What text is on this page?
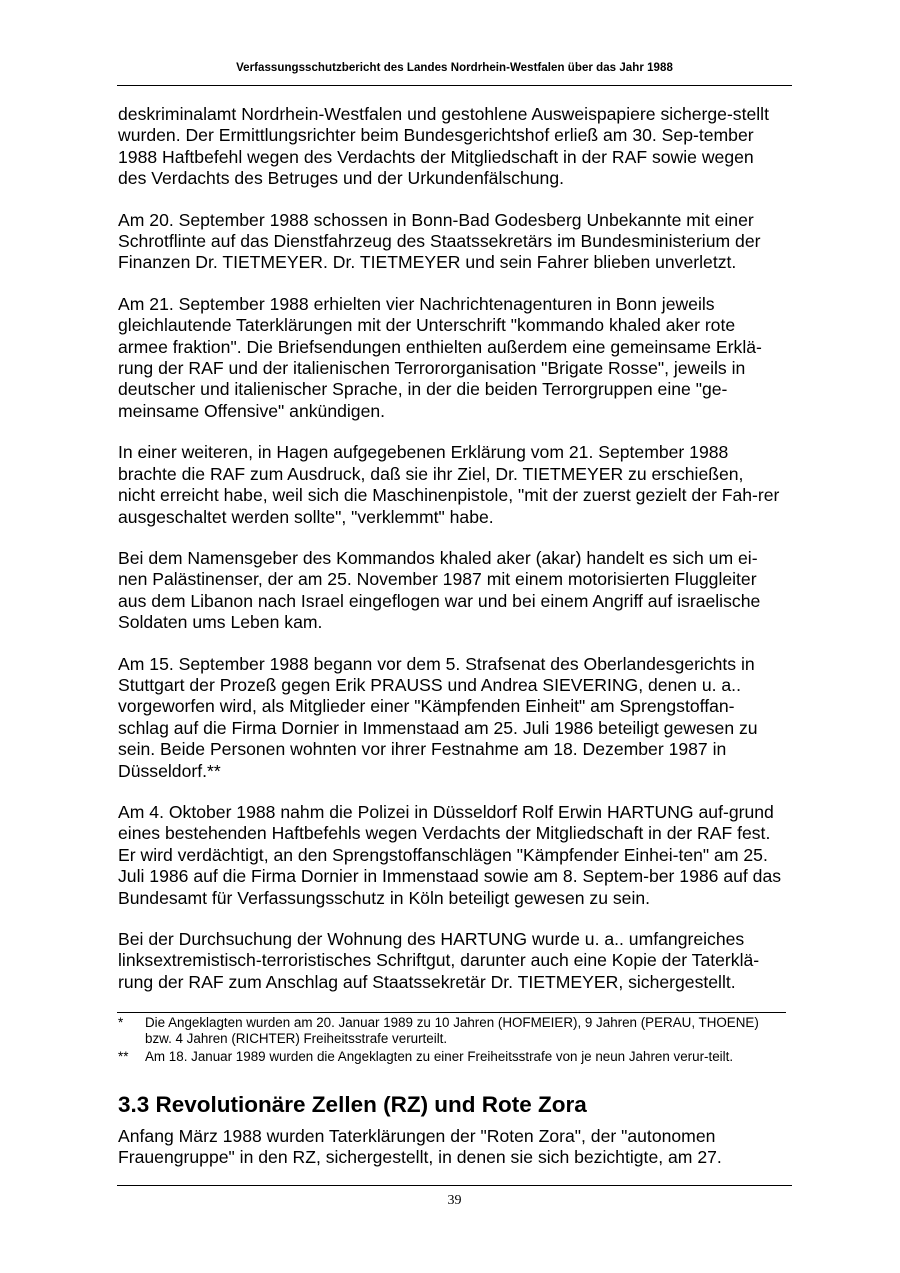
Verfassungsschutzbericht des Landes Nordrhein-Westfalen über das Jahr 1988

deskriminalamt Nordrhein-Westfalen und gestohlene Ausweispapiere sicherge-stellt wurden. Der Ermittlungsrichter beim Bundesgerichtshof erließ am 30. Sep-tember 1988 Haftbefehl wegen des Verdachts der Mitgliedschaft in der RAF sowie wegen des Verdachts des Betruges und der Urkundenfälschung.

Am 20. September 1988 schossen in Bonn-Bad Godesberg Unbekannte mit einer Schrotflinte auf das Dienstfahrzeug des Staatssekretärs im Bundesministerium der Finanzen Dr. TIETMEYER. Dr. TIETMEYER und sein Fahrer blieben unverletzt.

Am 21. September 1988 erhielten vier Nachrichtenagenturen in Bonn jeweils gleichlautende Taterklärungen mit der Unterschrift "kommando khaled aker rote armee fraktion". Die Briefsendungen enthielten außerdem eine gemeinsame Erklä-rung der RAF und der italienischen Terrororganisation "Brigate Rosse", jeweils in deutscher und italienischer Sprache, in der die beiden Terrorgruppen eine "ge-meinsame Offensive" ankündigen.

In einer weiteren, in Hagen aufgegebenen Erklärung vom 21. September 1988 brachte die RAF zum Ausdruck, daß sie ihr Ziel, Dr. TIETMEYER zu erschießen, nicht erreicht habe, weil sich die Maschinenpistole, "mit der zuerst gezielt der Fah-rer ausgeschaltet werden sollte", "verklemmt" habe.

Bei dem Namensgeber des Kommandos khaled aker (akar) handelt es sich um ei-nen Palästinenser, der am 25. November 1987 mit einem motorisierten Fluggleiter aus dem Libanon nach Israel eingeflogen war und bei einem Angriff auf israelische Soldaten ums Leben kam.

Am 15. September 1988 begann vor dem 5. Strafsenat des Oberlandesgerichts in Stuttgart der Prozeß gegen Erik PRAUSS und Andrea SIEVERING, denen u. a.. vorgeworfen wird, als Mitglieder einer "Kämpfenden Einheit" am Sprengstoffan-schlag auf die Firma Dornier in Immenstaad am 25. Juli 1986 beteiligt gewesen zu sein. Beide Personen wohnten vor ihrer Festnahme am 18. Dezember 1987 in Düsseldorf.**

Am 4. Oktober 1988 nahm die Polizei in Düsseldorf Rolf Erwin HARTUNG auf-grund eines bestehenden Haftbefehls wegen Verdachts der Mitgliedschaft in der RAF fest. Er wird verdächtigt, an den Sprengstoffanschlägen "Kämpfender Einhei-ten" am 25. Juli 1986 auf die Firma Dornier in Immenstaad sowie am 8. Septem-ber 1986 auf das Bundesamt für Verfassungsschutz in Köln beteiligt gewesen zu sein.

Bei der Durchsuchung der Wohnung des HARTUNG wurde u. a.. umfangreiches linksextremistisch-terroristisches Schriftgut, darunter auch eine Kopie der Taterklä-rung der RAF zum Anschlag auf Staatssekretär Dr. TIETMEYER, sichergestellt.

*	Die Angeklagten wurden am 20. Januar 1989 zu 10 Jahren (HOFMEIER), 9 Jahren (PERAU, THOENE) bzw. 4 Jahren (RICHTER) Freiheitsstrafe verurteilt.
**	Am 18. Januar 1989 wurden die Angeklagten zu einer Freiheitsstrafe von je neun Jahren verur-teilt.
3.3 Revolutionäre Zellen (RZ) und Rote Zora

Anfang März 1988 wurden Taterklärungen der "Roten Zora", der "autonomen Frauengruppe" in den RZ, sichergestellt, in denen sie sich bezichtigte, am 27.

39
